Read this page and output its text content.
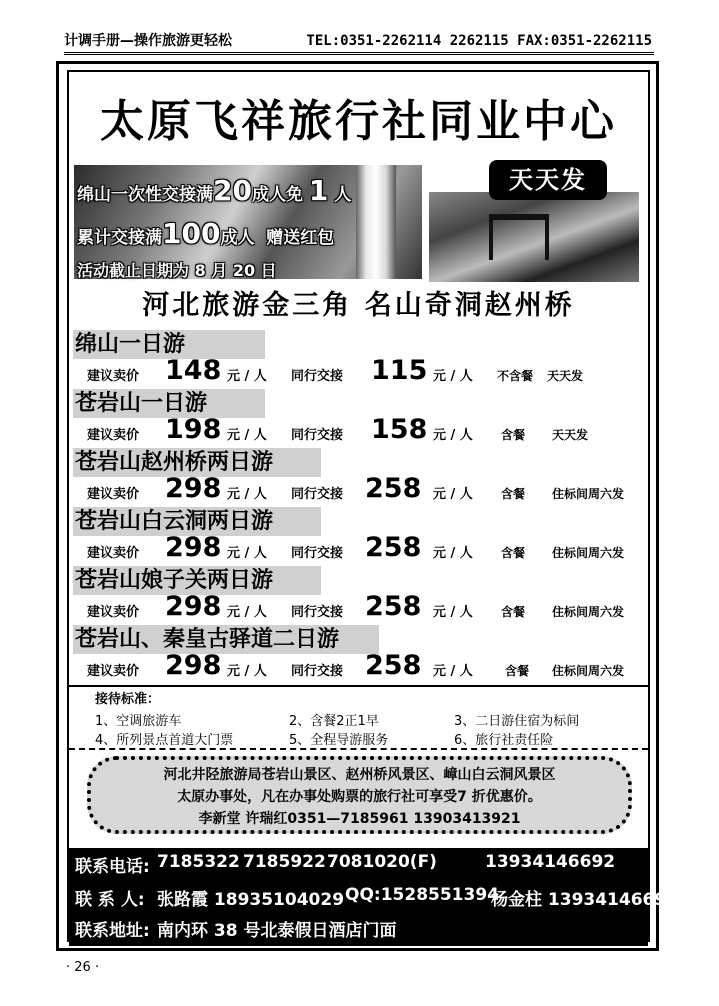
计调手册—操作旅游更轻松	TEL:0351-2262114 2262115 FAX:0351-2262115
太原飞祥旅行社同业中心
天天发
绵山一次性交接满20成人免 1 人
累计交接满100成人 赠送红包
活动截止日期为 8 月 20 日
河北旅游金三角 名山奇洞赵州桥
绵山一日游
建议卖价 148 元 / 人 同行交接 115 元 / 人 不含餐 天天发
苍岩山一日游
建议卖价 198 元 / 人 同行交接 158 元 / 人 含餐 天天发
苍岩山赵州桥两日游
建议卖价 298 元 / 人 同行交接 258 元 / 人 含餐 住标间周六发
苍岩山白云洞两日游
建议卖价 298 元 / 人 同行交接 258 元 / 人 含餐 住标间周六发
苍岩山娘子关两日游
建议卖价 298 元 / 人 同行交接 258 元 / 人 含餐 住标间周六发
苍岩山、秦皇古驿道二日游
建议卖价 298 元 / 人 同行交接 258 元 / 人	含餐 住标间周六发
接待标准：
1、空调旅游车	2、含餐2正1早	3、二日游住宿为标间
4、所列景点首道大门票	5、全程导游服务	6、旅行社责任险
河北井陉旅游局苍岩山景区、赵州桥风景区、嶂山白云洞风景区
太原办事处，凡在办事处购票的旅行社可享受7 折优惠价。
李新堂 许瑞红0351—7185961 13903413921
联系电话: 7185322 7185922 7081020(F)	13934146692
联 系 人: 张路霞 18935104029 QQ:1528551394
杨金柱 13934146692
联系地址: 南内环 38 号北泰假日酒店门面
· 26 ·
